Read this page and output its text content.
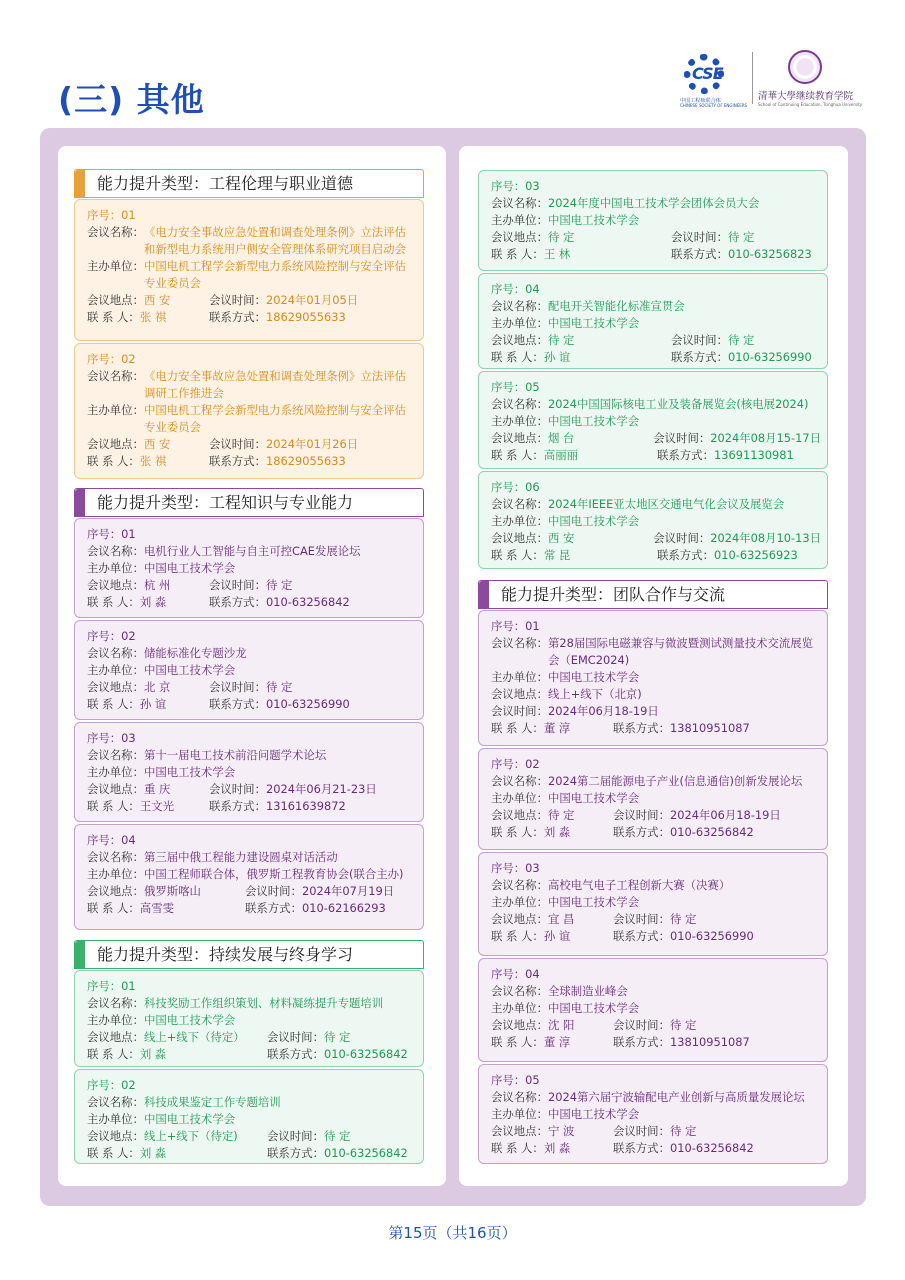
(三) 其他
CSE
中国工程师联合体
CHINESE SOCIETY OF ENGINEERS
清華大學继续教育学院
School of Continuing Education, Tsinghua University
能力提升类型：工程伦理与职业道德
能力提升类型：工程知识与专业能力
能力提升类型：持续发展与终身学习
能力提升类型：团队合作与交流
序号：01
会议名称： 《电力安全事故应急处置和调查处理条例》立法评估和新型电力系统用户侧安全管理体系研究项目启动会
主办单位： 中国电机工程学会新型电力系统风险控制与安全评估专业委员会
会议地点： 西 安	会议时间： 2024年01月05日
联 系 人： 张 祺	联系方式： 18629055633
序号：02
会议名称： 《电力安全事故应急处置和调查处理条例》立法评估调研工作推进会
主办单位： 中国电机工程学会新型电力系统风险控制与安全评估专业委员会
会议地点： 西 安	会议时间： 2024年01月26日
联 系 人： 张 祺	联系方式： 18629055633
序号：01
会议名称： 电机行业人工智能与自主可控CAE发展论坛
主办单位： 中国电工技术学会
会议地点： 杭 州	会议时间： 待 定
联 系 人： 刘 淼	联系方式： 010-63256842
序号：02
会议名称： 储能标准化专题沙龙
主办单位： 中国电工技术学会
会议地点： 北 京	会议时间： 待 定
联 系 人： 孙 谊	联系方式： 010-63256990
序号：03
会议名称： 第十一届电工技术前沿问题学术论坛
主办单位： 中国电工技术学会
会议地点： 重 庆	会议时间： 2024年06月21-23日
联 系 人： 王文光	联系方式： 13161639872
序号：04
会议名称： 第三届中俄工程能力建设圆桌对话活动
主办单位： 中国工程师联合体，俄罗斯工程教育协会(联合主办)
会议地点： 俄罗斯喀山	会议时间： 2024年07月19日
联 系 人： 高雪雯	联系方式： 010-62166293
序号：01
会议名称： 科技奖励工作组织策划、材料凝练提升专题培训
主办单位： 中国电工技术学会
会议地点： 线上+线下（待定） 会议时间： 待 定
联 系 人： 刘 淼	联系方式： 010-63256842
序号：02
会议名称： 科技成果鉴定工作专题培训
主办单位： 中国电工技术学会
会议地点： 线上+线下（待定)	会议时间： 待 定
联 系 人： 刘 淼	联系方式： 010-63256842
序号：03
会议名称： 2024年度中国电工技术学会团体会员大会
主办单位： 中国电工技术学会
会议地点： 待 定	会议时间： 待 定
联 系 人： 王 林	联系方式： 010-63256823
序号：04
会议名称： 配电开关智能化标准宣贯会
主办单位： 中国电工技术学会
会议地点： 待 定	会议时间： 待 定
联 系 人： 孙 谊	联系方式： 010-63256990
序号：05
会议名称： 2024中国国际核电工业及装备展览会(核电展2024)
主办单位： 中国电工技术学会
会议地点： 烟 台	会议时间： 2024年08月15-17日
联 系 人： 高丽丽	联系方式： 13691130981
序号：06
会议名称： 2024年IEEE亚太地区交通电气化会议及展览会
主办单位： 中国电工技术学会
会议地点： 西 安	会议时间： 2024年08月10-13日
联 系 人： 常 昆	联系方式： 010-63256923
序号：01
会议名称： 第28届国际电磁兼容与微波暨测试测量技术交流展览会（EMC2024)
主办单位： 中国电工技术学会
会议地点： 线上+线下（北京)
会议时间： 2024年06月18-19日
联 系 人： 董 淳	联系方式： 13810951087
序号：02
会议名称： 2024第二届能源电子产业(信息通信)创新发展论坛
主办单位： 中国电工技术学会
会议地点： 待 定	会议时间： 2024年06月18-19日
联 系 人： 刘 淼	联系方式： 010-63256842
序号：03
会议名称： 高校电气电子工程创新大赛（决赛）
主办单位： 中国电工技术学会
会议地点： 宜 昌	会议时间： 待 定
联 系 人： 孙 谊	联系方式： 010-63256990
序号：04
会议名称： 全球制造业峰会
主办单位： 中国电工技术学会
会议地点： 沈 阳	会议时间： 待 定
联 系 人： 董 淳	联系方式： 13810951087
序号：05
会议名称： 2024第六届宁波输配电产业创新与高质量发展论坛
主办单位： 中国电工技术学会
会议地点： 宁 波	会议时间： 待 定
联 系 人： 刘 淼	联系方式： 010-63256842
第15页（共16页）
